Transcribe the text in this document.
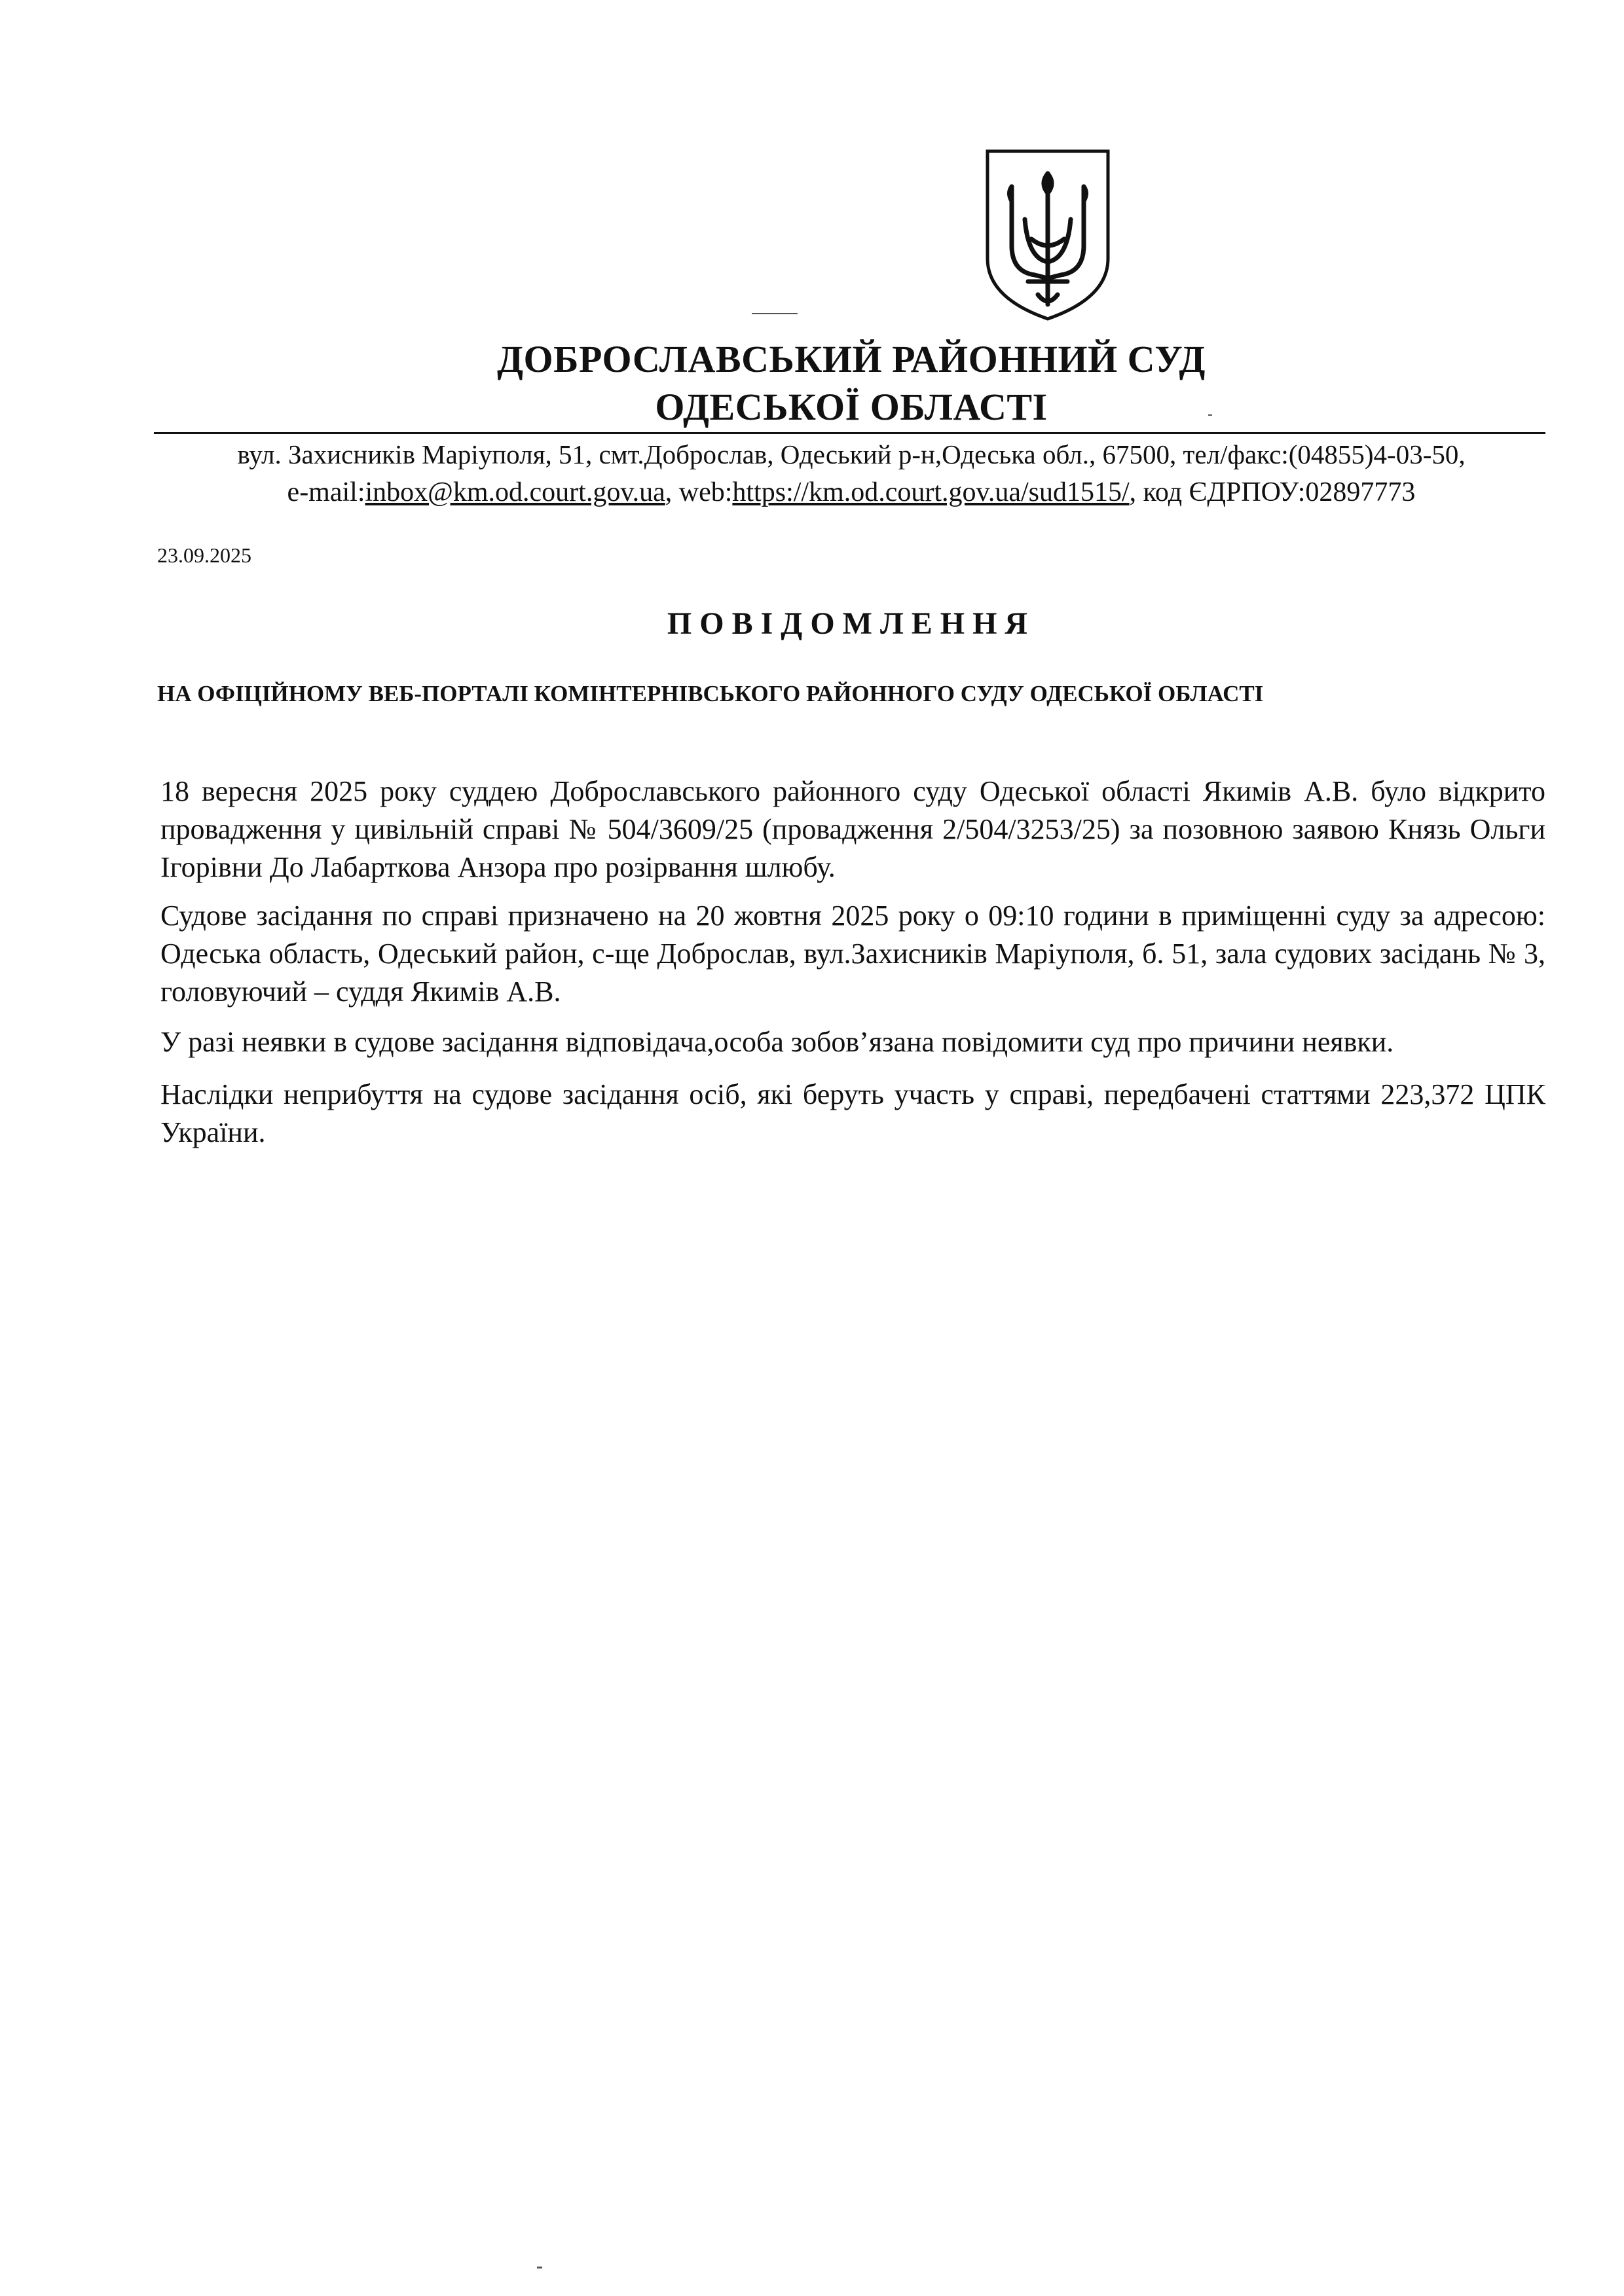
ДОБРОСЛАВСЬКИЙ РАЙОННИЙ СУД
ОДЕСЬКОЇ ОБЛАСТІ
вул. Захисників Маріуполя, 51, смт.Доброслав, Одеський р-н,Одеська обл., 67500, тел/факс:(04855)4-03-50,
e-mail:inbox@km.od.court.gov.ua, web:https://km.od.court.gov.ua/sud1515/, код ЄДРПОУ:02897773
23.09.2025
ПОВІДОМЛЕННЯ
НА ОФІЦІЙНОМУ ВЕБ-ПОРТАЛІ КОМІНТЕРНІВСЬКОГО РАЙОННОГО СУДУ ОДЕСЬКОЇ ОБЛАСТІ
18 вересня 2025 року суддею Доброславського районного суду Одеської області Якимів А.В. було відкрито провадження у цивільній справі № 504/3609/25 (провадження 2/504/3253/25) за позовною заявою Князь Ольги Ігорівни До Лабарткова Анзора про розірвання шлюбу.
Судове засідання по справі призначено на 20 жовтня 2025 року о 09:10 години в приміщенні суду за адресою: Одеська область, Одеський район, с-ще Доброслав, вул.Захисників Маріуполя, б. 51, зала судових засідань № 3, головуючий – суддя Якимів А.В.
У разі неявки в судове засідання відповідача,особа зобов’язана повідомити суд про причини неявки.
Наслідки неприбуття на судове засідання осіб, які беруть участь у справі, передбачені статтями 223,372 ЦПК України.
